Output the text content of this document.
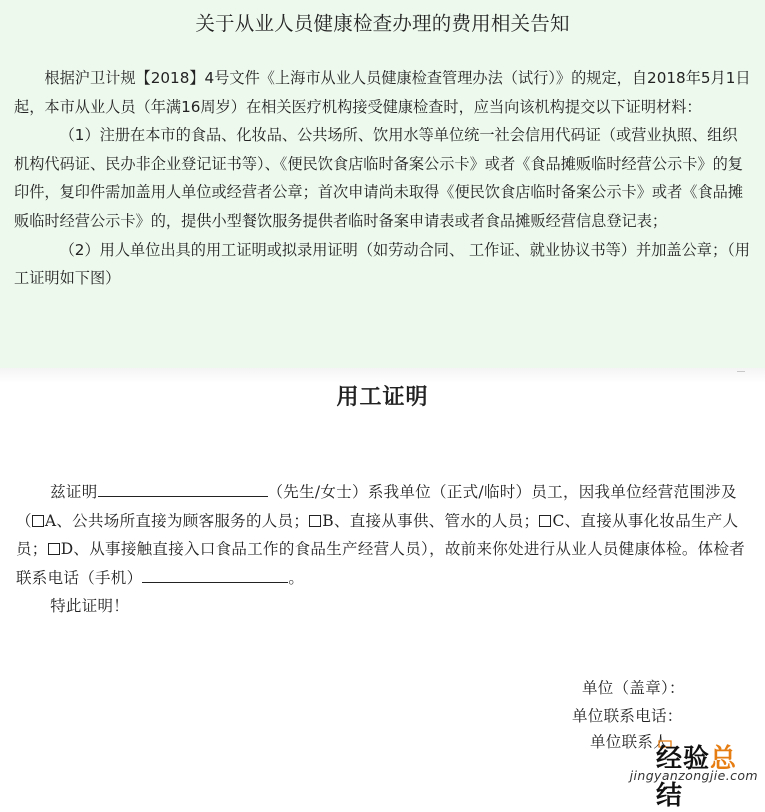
关于从业人员健康检查办理的费用相关告知

根据沪卫计规【2018】4号文件《上海市从业人员健康检查管理办法（试行）》的规定，自2018年5月1日起，本市从业人员（年满16周岁）在相关医疗机构接受健康检查时，应当向该机构提交以下证明材料：

（1）注册在本市的食品、化妆品、公共场所、饮用水等单位统一社会信用代码证（或营业执照、组织机构代码证、民办非企业登记证书等）、《便民饮食店临时备案公示卡》或者《食品摊贩临时经营公示卡》的复印件，复印件需加盖用人单位或经营者公章；首次申请尚未取得《便民饮食店临时备案公示卡》或者《食品摊贩临时经营公示卡》的，提供小型餐饮服务提供者临时备案申请表或者食品摊贩经营信息登记表；

（2）用人单位出具的用工证明或拟录用证明（如劳动合同、 工作证、就业协议书等）并加盖公章；（用工证明如下图）

用工证明

兹证明	（先生/女士）系我单位（正式/临时）员工，因我单位经营范围涉及（ A、公共场所直接为顾客服务的人员； B、直接从事供、管水的人员； C、直接从事化妆品生产人员； D、从事接触直接入口食品工作的食品生产经营人员），故前来你处进行从业人员健康体检。体检者联系电话（手机）	。

特此证明！

单位（盖章）：
单位联系电话：
单位联系人
经验总结
jingyanzongjie.com
